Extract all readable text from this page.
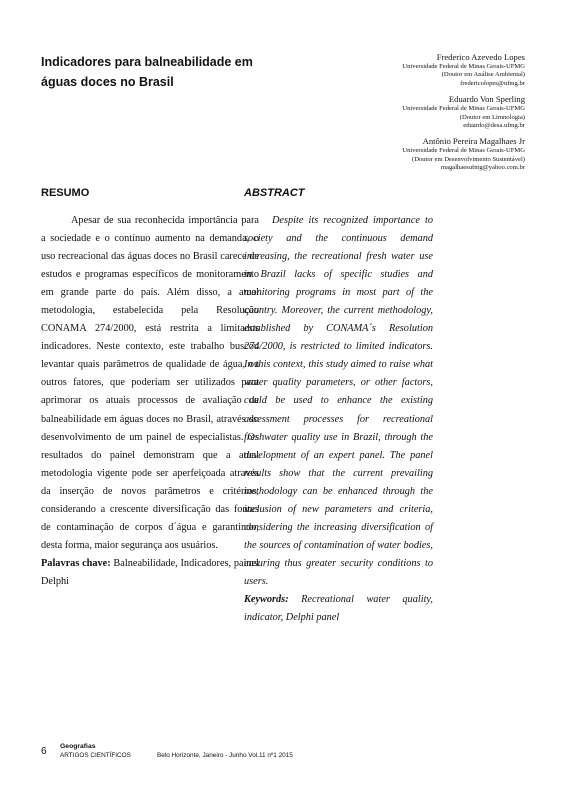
Indicadores para balneabilidade em águas doces no Brasil
Frederico Azevedo Lopes
Universidade Federal de Minas Gerais-UFMG
(Doutor em Análise Ambiental)
fredericolopes@ufmg.br
Eduardo Von Sperling
Universidade Federal de Minas Gerais-UFMG
(Doutor em Limnologia)
eduardo@desa.ufmg.br
Antônio Pereira Magalhaes Jr
Universidade Federal de Minas Gerais-UFMG
(Doutor em Desenvolvimento Sustentável)
magalhaesufmg@yahoo.com.br
RESUMO

Apesar de sua reconhecida importância para a sociedade e o contínuo aumento na demanda, o uso recreacional das águas doces no Brasil carece de estudos e programas específicos de monitoramento em grande parte do país. Além disso, a atual metodologia, estabelecida pela Resolução CONAMA 274/2000, está restrita a limitados indicadores. Neste contexto, este trabalho buscou levantar quais parâmetros de qualidade de água, ou outros fatores, que poderiam ser utilizados para aprimorar os atuais processos de avaliação de balneabilidade em águas doces no Brasil, através do desenvolvimento de um painel de especialistas. Os resultados do painel demonstram que a atual metodologia vigente pode ser aperfeiçoada através da inserção de novos parâmetros e critérios, considerando a crescente diversificação das fontes de contaminação de corpos d´água e garantindo, desta forma, maior segurança aos usuários.

Palavras chave: Balneabilidade, Indicadores, painel Delphi

ABSTRACT

Despite its recognized importance to society and the continuous demand increasing, the recreational fresh water use in Brazil lacks of specific studies and monitoring programs in most part of the country. Moreover, the current methodology, established by CONAMA´s Resolution 274/2000, is restricted to limited indicators. In this context, this study aimed to raise what water quality parameters, or other factors, could be used to enhance the existing assessment processes for recreational freshwater quality use in Brazil, through the development of an expert panel. The panel results show that the current prevailing methodology can be enhanced through the inclusion of new parameters and criteria, considering the increasing diversification of the sources of contamination of water bodies, ensuring thus greater security conditions to users.

Keywords: Recreational water quality, indicator, Delphi panel

6 Geografias
ARTIGOS CIENTÍFICOS	Belo Horizonte, Janeiro - Junho Vol.11 nº1 2015
